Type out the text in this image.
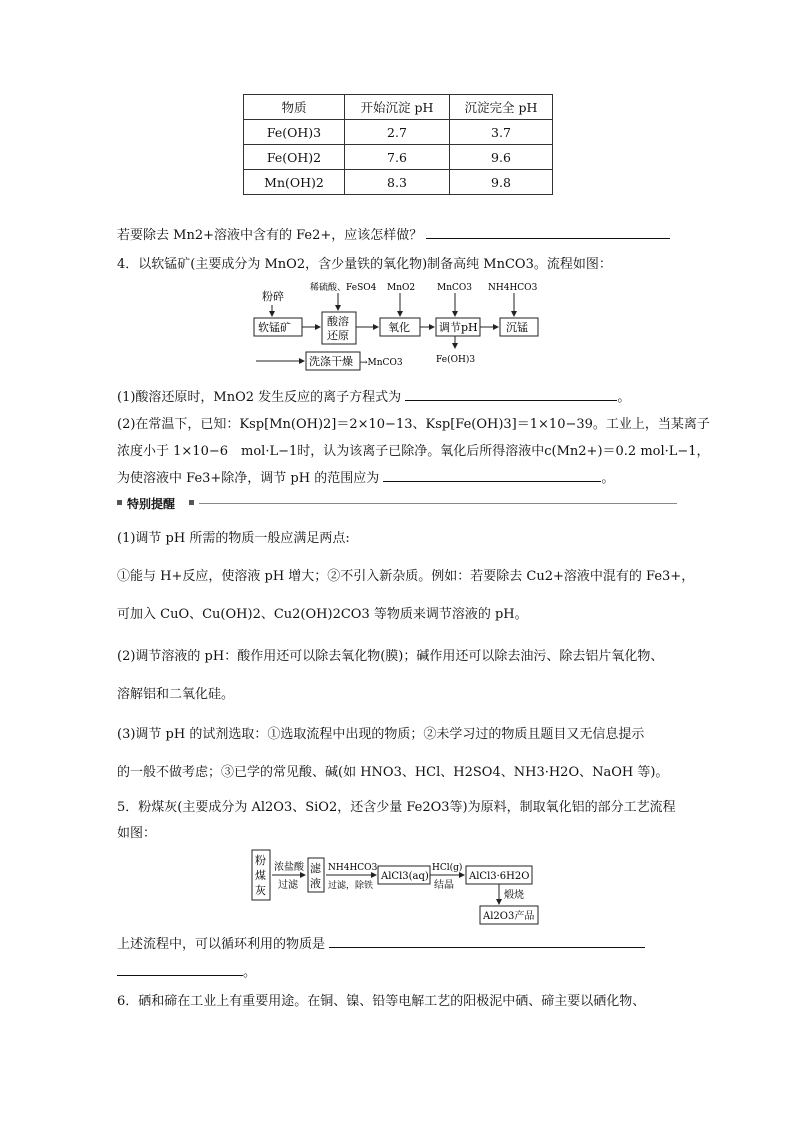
物质	开始沉淀 pH	沉淀完全 pH
Fe(OH)3	2.7	3.7
Fe(OH)2	7.6	9.6
Mn(OH)2	8.3	9.8
若要除去 Mn2+溶液中含有的 Fe2+，应该怎样做？
4．以软锰矿(主要成分为 MnO2，含少量铁的氧化物)制备高纯 MnCO3。流程如图：
粉碎
软锰矿
稀硫酸、FeSO4
酸溶
还原
MnO2
氧化
MnCO3
调节pH
Fe(OH)3
NH4HCO3
沉锰
洗涤干燥 →MnCO3
(1)酸溶还原时，MnO2 发生反应的离子方程式为	。
(2)在常温下，已知：Ksp[Mn(OH)2]＝2×10−13、Ksp[Fe(OH)3]＝1×10−39。工业上，当某离子
浓度小于 1×10−6　mol·L−1时，认为该离子已除净。氧化后所得溶液中c(Mn2+)＝0.2 mol·L−1，
为使溶液中 Fe3+除净，调节 pH 的范围应为	。
特别提醒
(1)调节 pH 所需的物质一般应满足两点:
①能与 H+反应，使溶液 pH 增大；②不引入新杂质。例如：若要除去 Cu2+溶液中混有的 Fe3+，
可加入 CuO、Cu(OH)2、Cu2(OH)2CO3 等物质来调节溶液的 pH。
(2)调节溶液的 pH：酸作用还可以除去氧化物(膜)；碱作用还可以除去油污、除去铝片氧化物、
溶解铝和二氧化硅。
(3)调节 pH 的试剂选取：①选取流程中出现的物质；②未学习过的物质且题目又无信息提示
的一般不做考虑；③已学的常见酸、碱(如 HNO3、HCl、H2SO4、NH3·H2O、NaOH 等)。
5．粉煤灰(主要成分为 Al2O3、SiO2，还含少量 Fe2O3等)为原料，制取氧化铝的部分工艺流程
如图：
粉
煤
灰
浓盐酸
过滤
滤
液
NH4HCO3
过滤，除铁
AlCl3(aq)
HCl(g)
结晶
AlCl3·6H2O
煅烧
Al2O3产品
上述流程中，可以循环利用的物质是
。
6．硒和碲在工业上有重要用途。在铜、镍、铅等电解工艺的阳极泥中硒、碲主要以硒化物、
